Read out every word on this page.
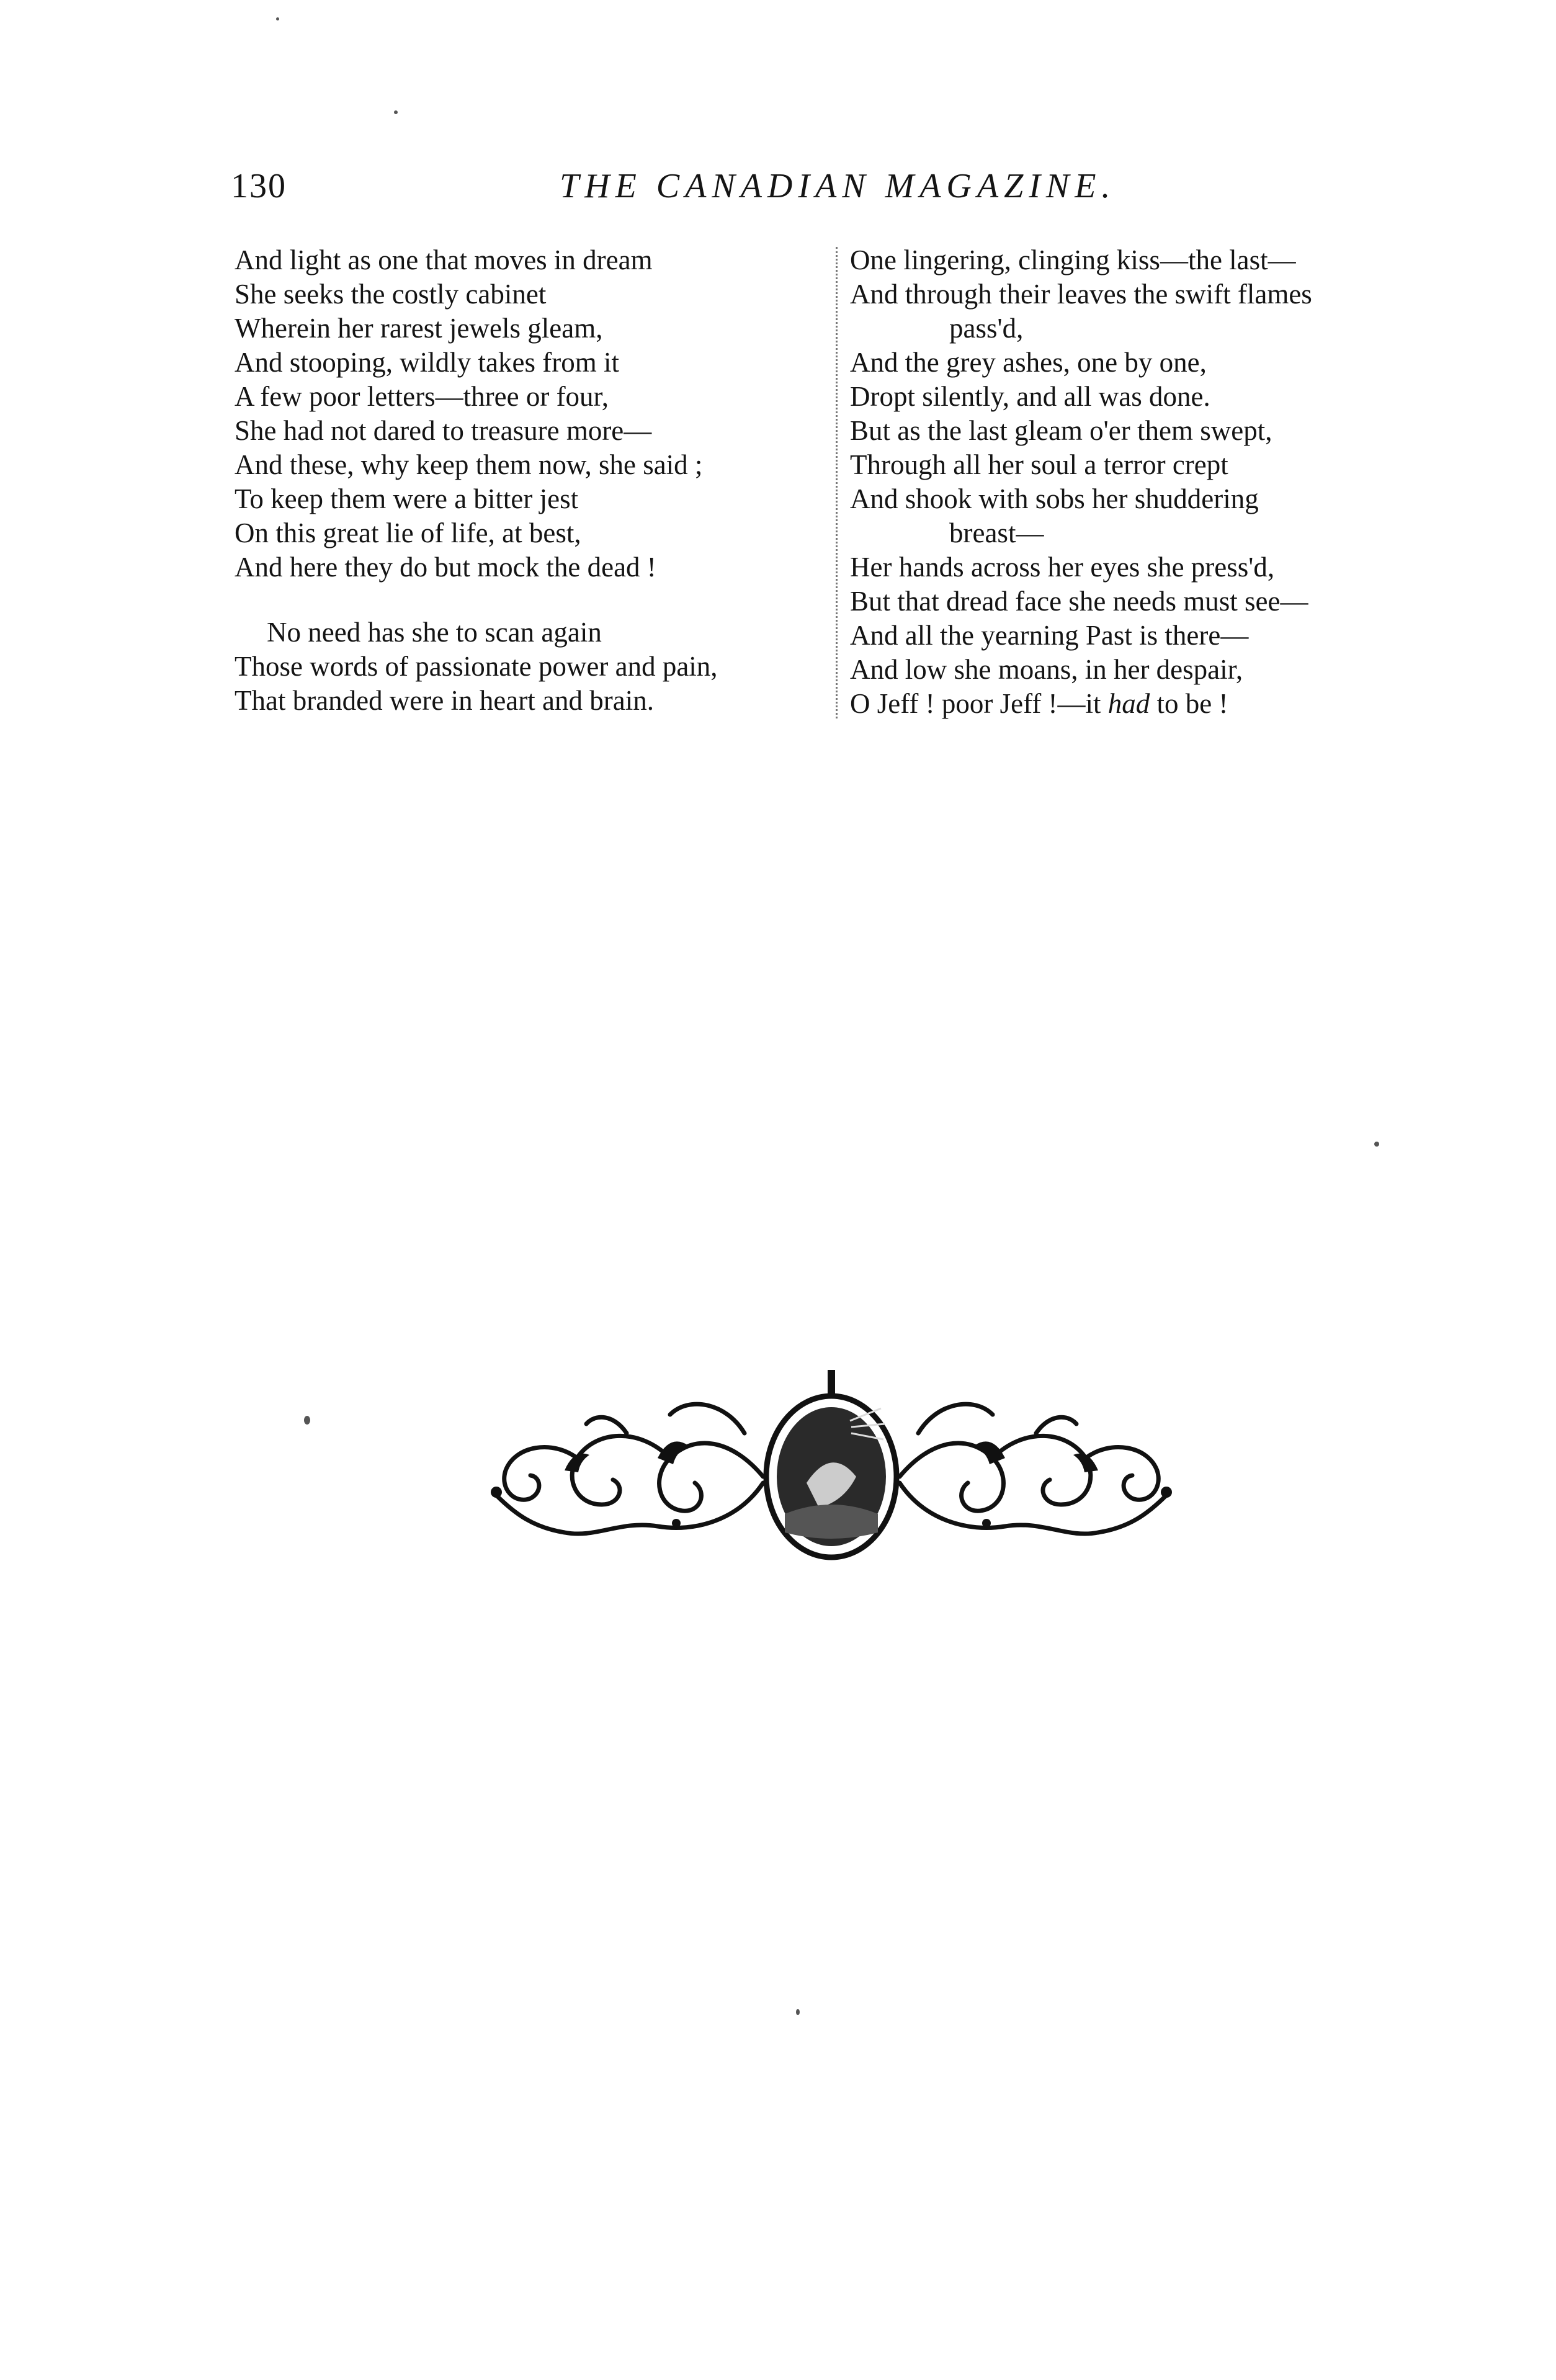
130	THE CANADIAN MAGAZINE.
And light as one that moves in dream
She seeks the costly cabinet
Wherein her rarest jewels gleam,
And stooping, wildly takes from it
A few poor letters—three or four,
She had not dared to treasure more—
And these, why keep them now, she said ;
To keep them were a bitter jest
On this great lie of life, at best,
And here they do but mock the dead !
No need has she to scan again
Those words of passionate power and pain,
That branded were in heart and brain.
One lingering, clinging kiss—the last—
And through their leaves the swift flames
pass'd,
And the grey ashes, one by one,
Dropt silently, and all was done.
But as the last gleam o'er them swept,
Through all her soul a terror crept
And shook with sobs her shuddering
breast—
Her hands across her eyes she press'd,
But that dread face she needs must see—
And all the yearning Past is there—
And low she moans, in her despair,
O Jeff ! poor Jeff !—it had to be !
